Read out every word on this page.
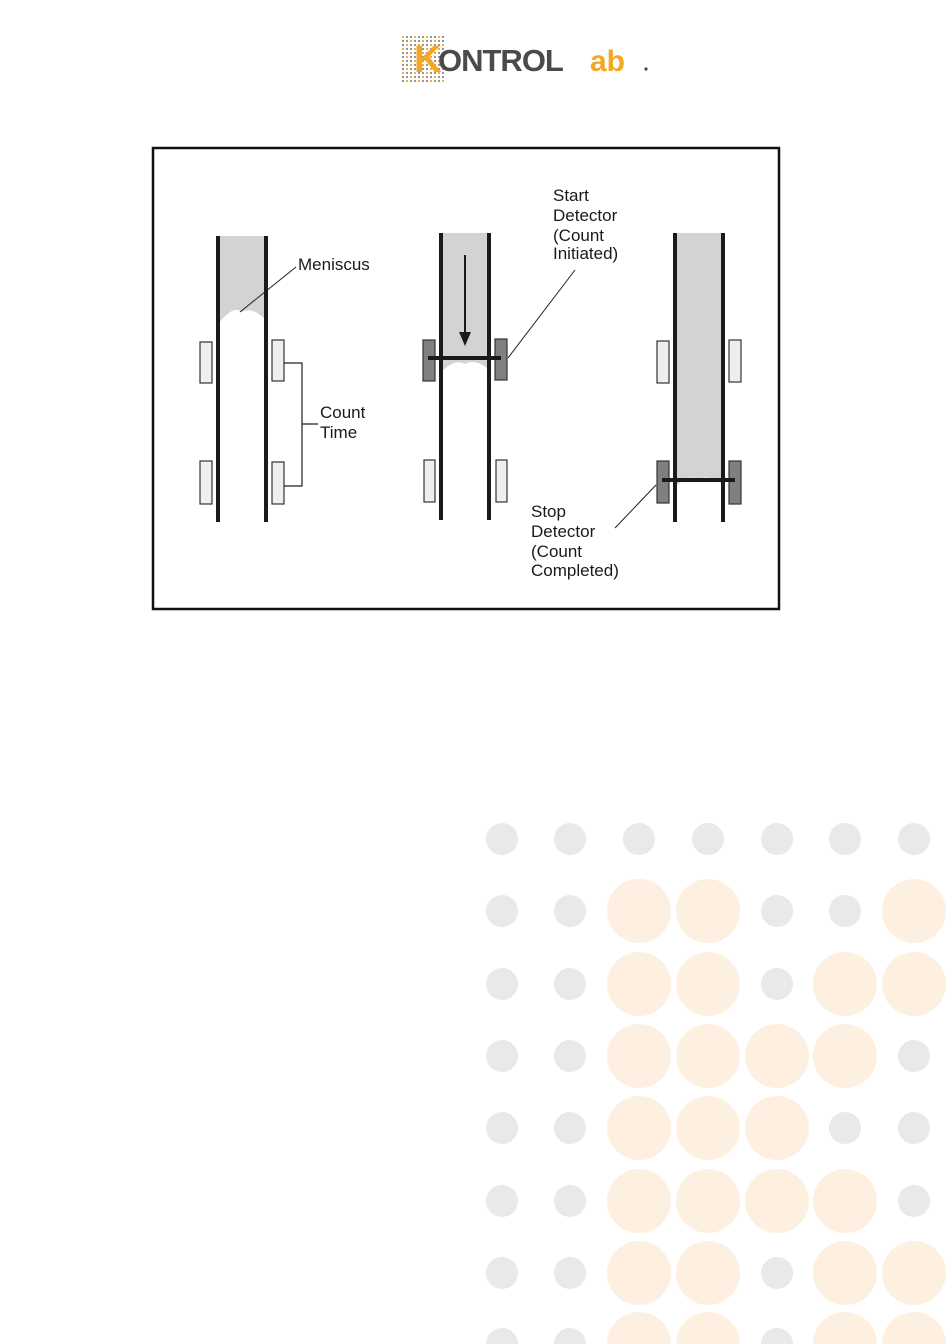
K
ONTROL ab
Meniscus
Count
Time
Start
Detector
(Count
Initiated)
Stop
Detector
(Count
Completed)
